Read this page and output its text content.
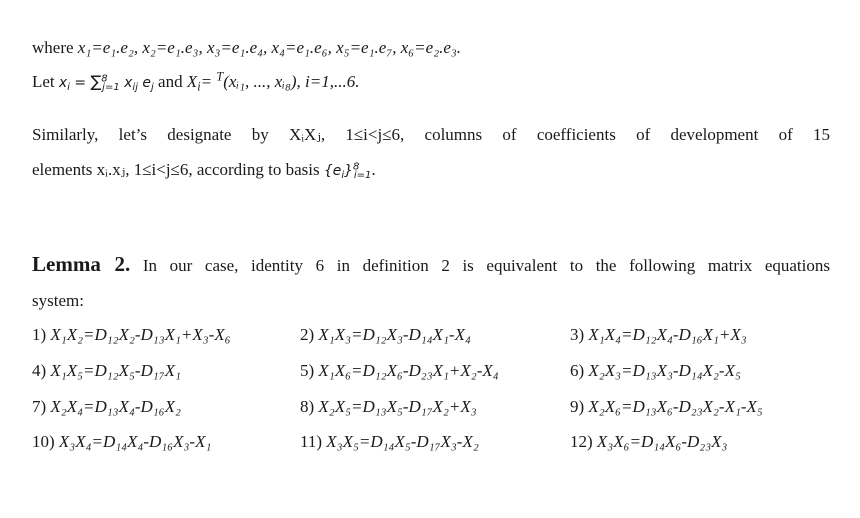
where x₁=e₁.e₂, x₂=e₁.e₃, x₃=e₁.e₄, x₄=e₁.e₆, x₅=e₁.e₇, x₆=e₂.e₃.
Let $x_i = \sum^8_{j=1}$ $x_{ij}$ $e_j$ and $X_i=$ $^T$(xᵢ₁, ..., xᵢ₈), i=1,...6.
Similarly, let’s designate by XᵢXⱼ, 1≤i<j≤6, columns of coefficients of development of 15
elements xᵢ.xⱼ, 1≤i<j≤6, according to basis $\{e_i\}^8_{i=1}$.
Lemma 2. In our case, identity 6 in definition 2 is equivalent to the following matrix equations
system:
1) X₁X₂=D₁₂X₂-D₁₃X₁+X₃-X₆	2) X₁X₃=D₁₂X₃-D₁₄X₁-X₄	3) X₁X₄=D₁₂X₄-D₁₆X₁+X₃
4) X₁X₅=D₁₂X₅-D₁₇X₁	5) X₁X₆=D₁₂X₆-D₂₃X₁+X₂-X₄	6) X₂X₃=D₁₃X₃-D₁₄X₂-X₅
7) X₂X₄=D₁₃X₄-D₁₆X₂	8) X₂X₅=D₁₃X₅-D₁₇X₂+X₃	9) X₂X₆=D₁₃X₆-D₂₃X₂-X₁-X₅
10) X₃X₄=D₁₄X₄-D₁₆X₃-X₁	11) X₃X₅=D₁₄X₅-D₁₇X₃-X₂	12) X₃X₆=D₁₄X₆-D₂₃X₃
